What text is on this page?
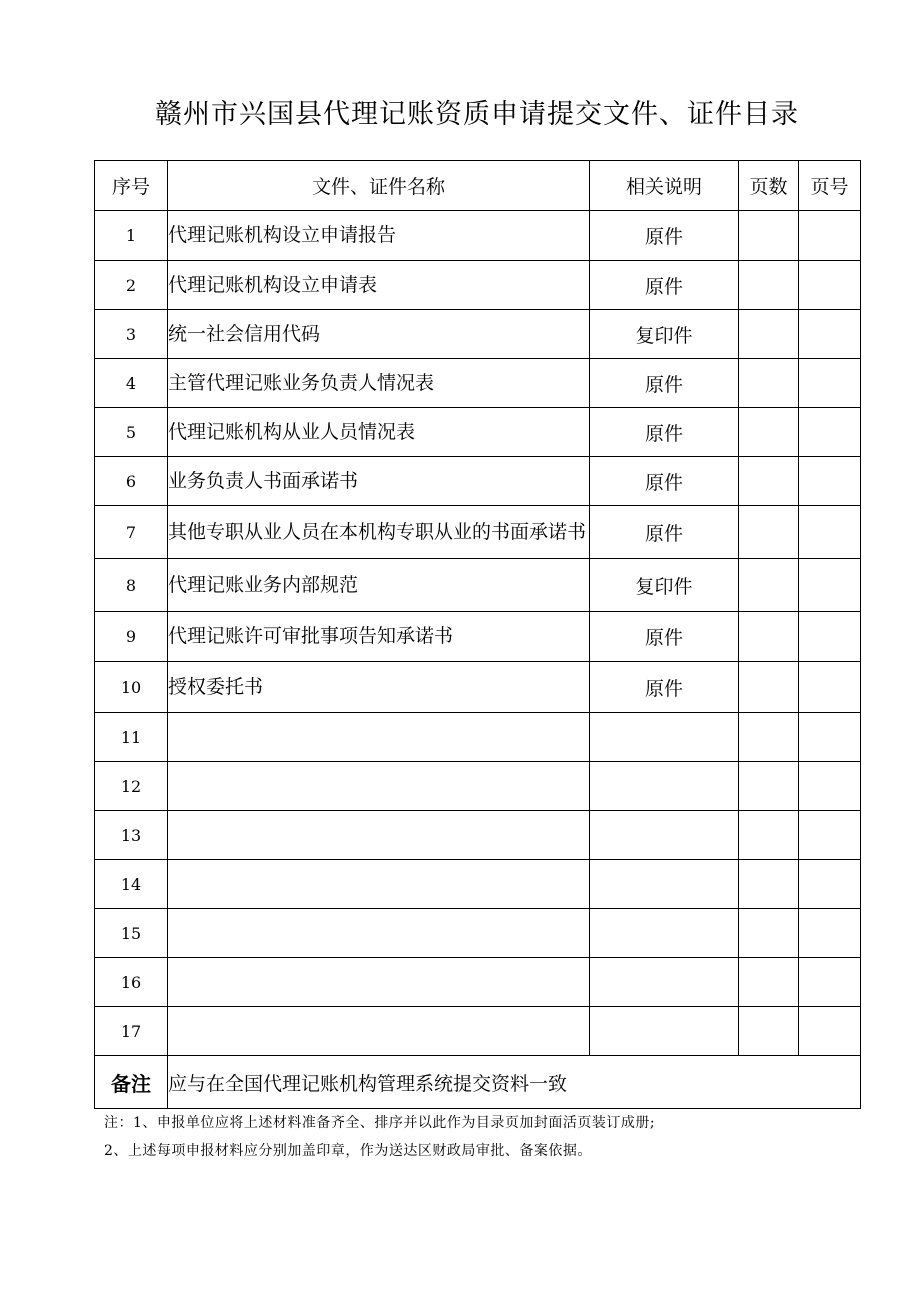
赣州市兴国县代理记账资质申请提交文件、证件目录
序号	文件、证件名称	相关说明	页数	页号
1	代理记账机构设立申请报告	原件		
2	代理记账机构设立申请表	原件		
3	统一社会信用代码	复印件		
4	主管代理记账业务负责人情况表	原件		
5	代理记账机构从业人员情况表	原件		
6	业务负责人书面承诺书	原件		
7	其他专职从业人员在本机构专职从业的书面承诺书	原件		
8	代理记账业务内部规范	复印件		
9	代理记账许可审批事项告知承诺书	原件		
10	授权委托书	原件		
11				
12				
13				
14				
15				
16				
17				
备注	应与在全国代理记账机构管理系统提交资料一致			
注：1、申报单位应将上述材料准备齐全、排序并以此作为目录页加封面活页装订成册;
2、上述每项申报材料应分别加盖印章，作为送达区财政局审批、备案依据。
